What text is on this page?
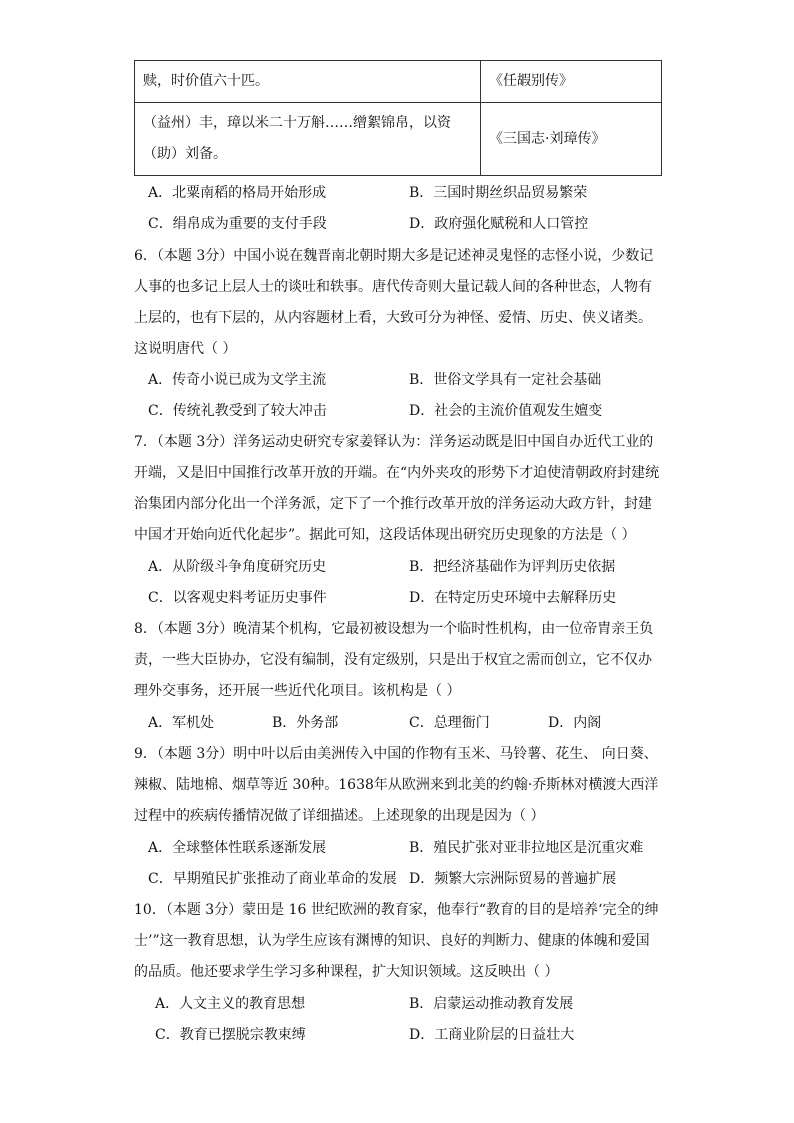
赎，时价值六十匹。	《任嘏别传》

（益州）丰，璋以米二十万斛……缯絮锦帛，以资
（助）刘备。	《三国志·刘璋传》
A．北粟南稻的格局开始形成	B．三国时期丝织品贸易繁荣
C．绢帛成为重要的支付手段	D．政府强化赋税和人口管控
6．（本题 3分）中国小说在魏晋南北朝时期大多是记述神灵鬼怪的志怪小说，少数记
人事的也多记上层人士的谈吐和轶事。唐代传奇则大量记载人间的各种世态，人物有
上层的，也有下层的，从内容题材上看，大致可分为神怪、爱情、历史、侠义诸类。
这说明唐代（ ）
A．传奇小说已成为文学主流	B．世俗文学具有一定社会基础
C．传统礼教受到了较大冲击	D．社会的主流价值观发生嬗变
7．（本题 3分）洋务运动史研究专家姜铎认为：洋务运动既是旧中国自办近代工业的
开端，又是旧中国推行改革开放的开端。在“内外夹攻的形势下才迫使清朝政府封建统
治集团内部分化出一个洋务派，定下了一个推行改革开放的洋务运动大政方针，封建
中国才开始向近代化起步”。据此可知，这段话体现出研究历史现象的方法是（ ）
A．从阶级斗争角度研究历史	B．把经济基础作为评判历史依据
C．以客观史料考证历史事件	D．在特定历史环境中去解释历史
8．（本题 3分）晚清某个机构，它最初被设想为一个临时性机构，由一位帝胄亲王负
责，一些大臣协办，它没有编制，没有定级别，只是出于权宜之需而创立，它不仅办
理外交事务，还开展一些近代化项目。该机构是（ ）
A．军机处	B．外务部	C．总理衙门	D．内阁
9．（本题 3分）明中叶以后由美洲传入中国的作物有玉米、马铃薯、花生、 向日葵、
辣椒、陆地棉、烟草等近 30种。1638年从欧洲来到北美的约翰·乔斯林对横渡大西洋
过程中的疾病传播情况做了详细描述。上述现象的出现是因为（ ）
A．全球整体性联系逐渐发展	B．殖民扩张对亚非拉地区是沉重灾难
C．早期殖民扩张推动了商业革命的发展 D．频繁大宗洲际贸易的普遍扩展
10．（本题 3分）蒙田是 16 世纪欧洲的教育家，他奉行“教育的目的是培养‘完全的绅
士’”这一教育思想，认为学生应该有渊博的知识、良好的判断力、健康的体魄和爱国
的品质。他还要求学生学习多种课程，扩大知识领域。这反映出（ ）
A．人文主义的教育思想	B．启蒙运动推动教育发展
C．教育已摆脱宗教束缚	D．工商业阶层的日益壮大
